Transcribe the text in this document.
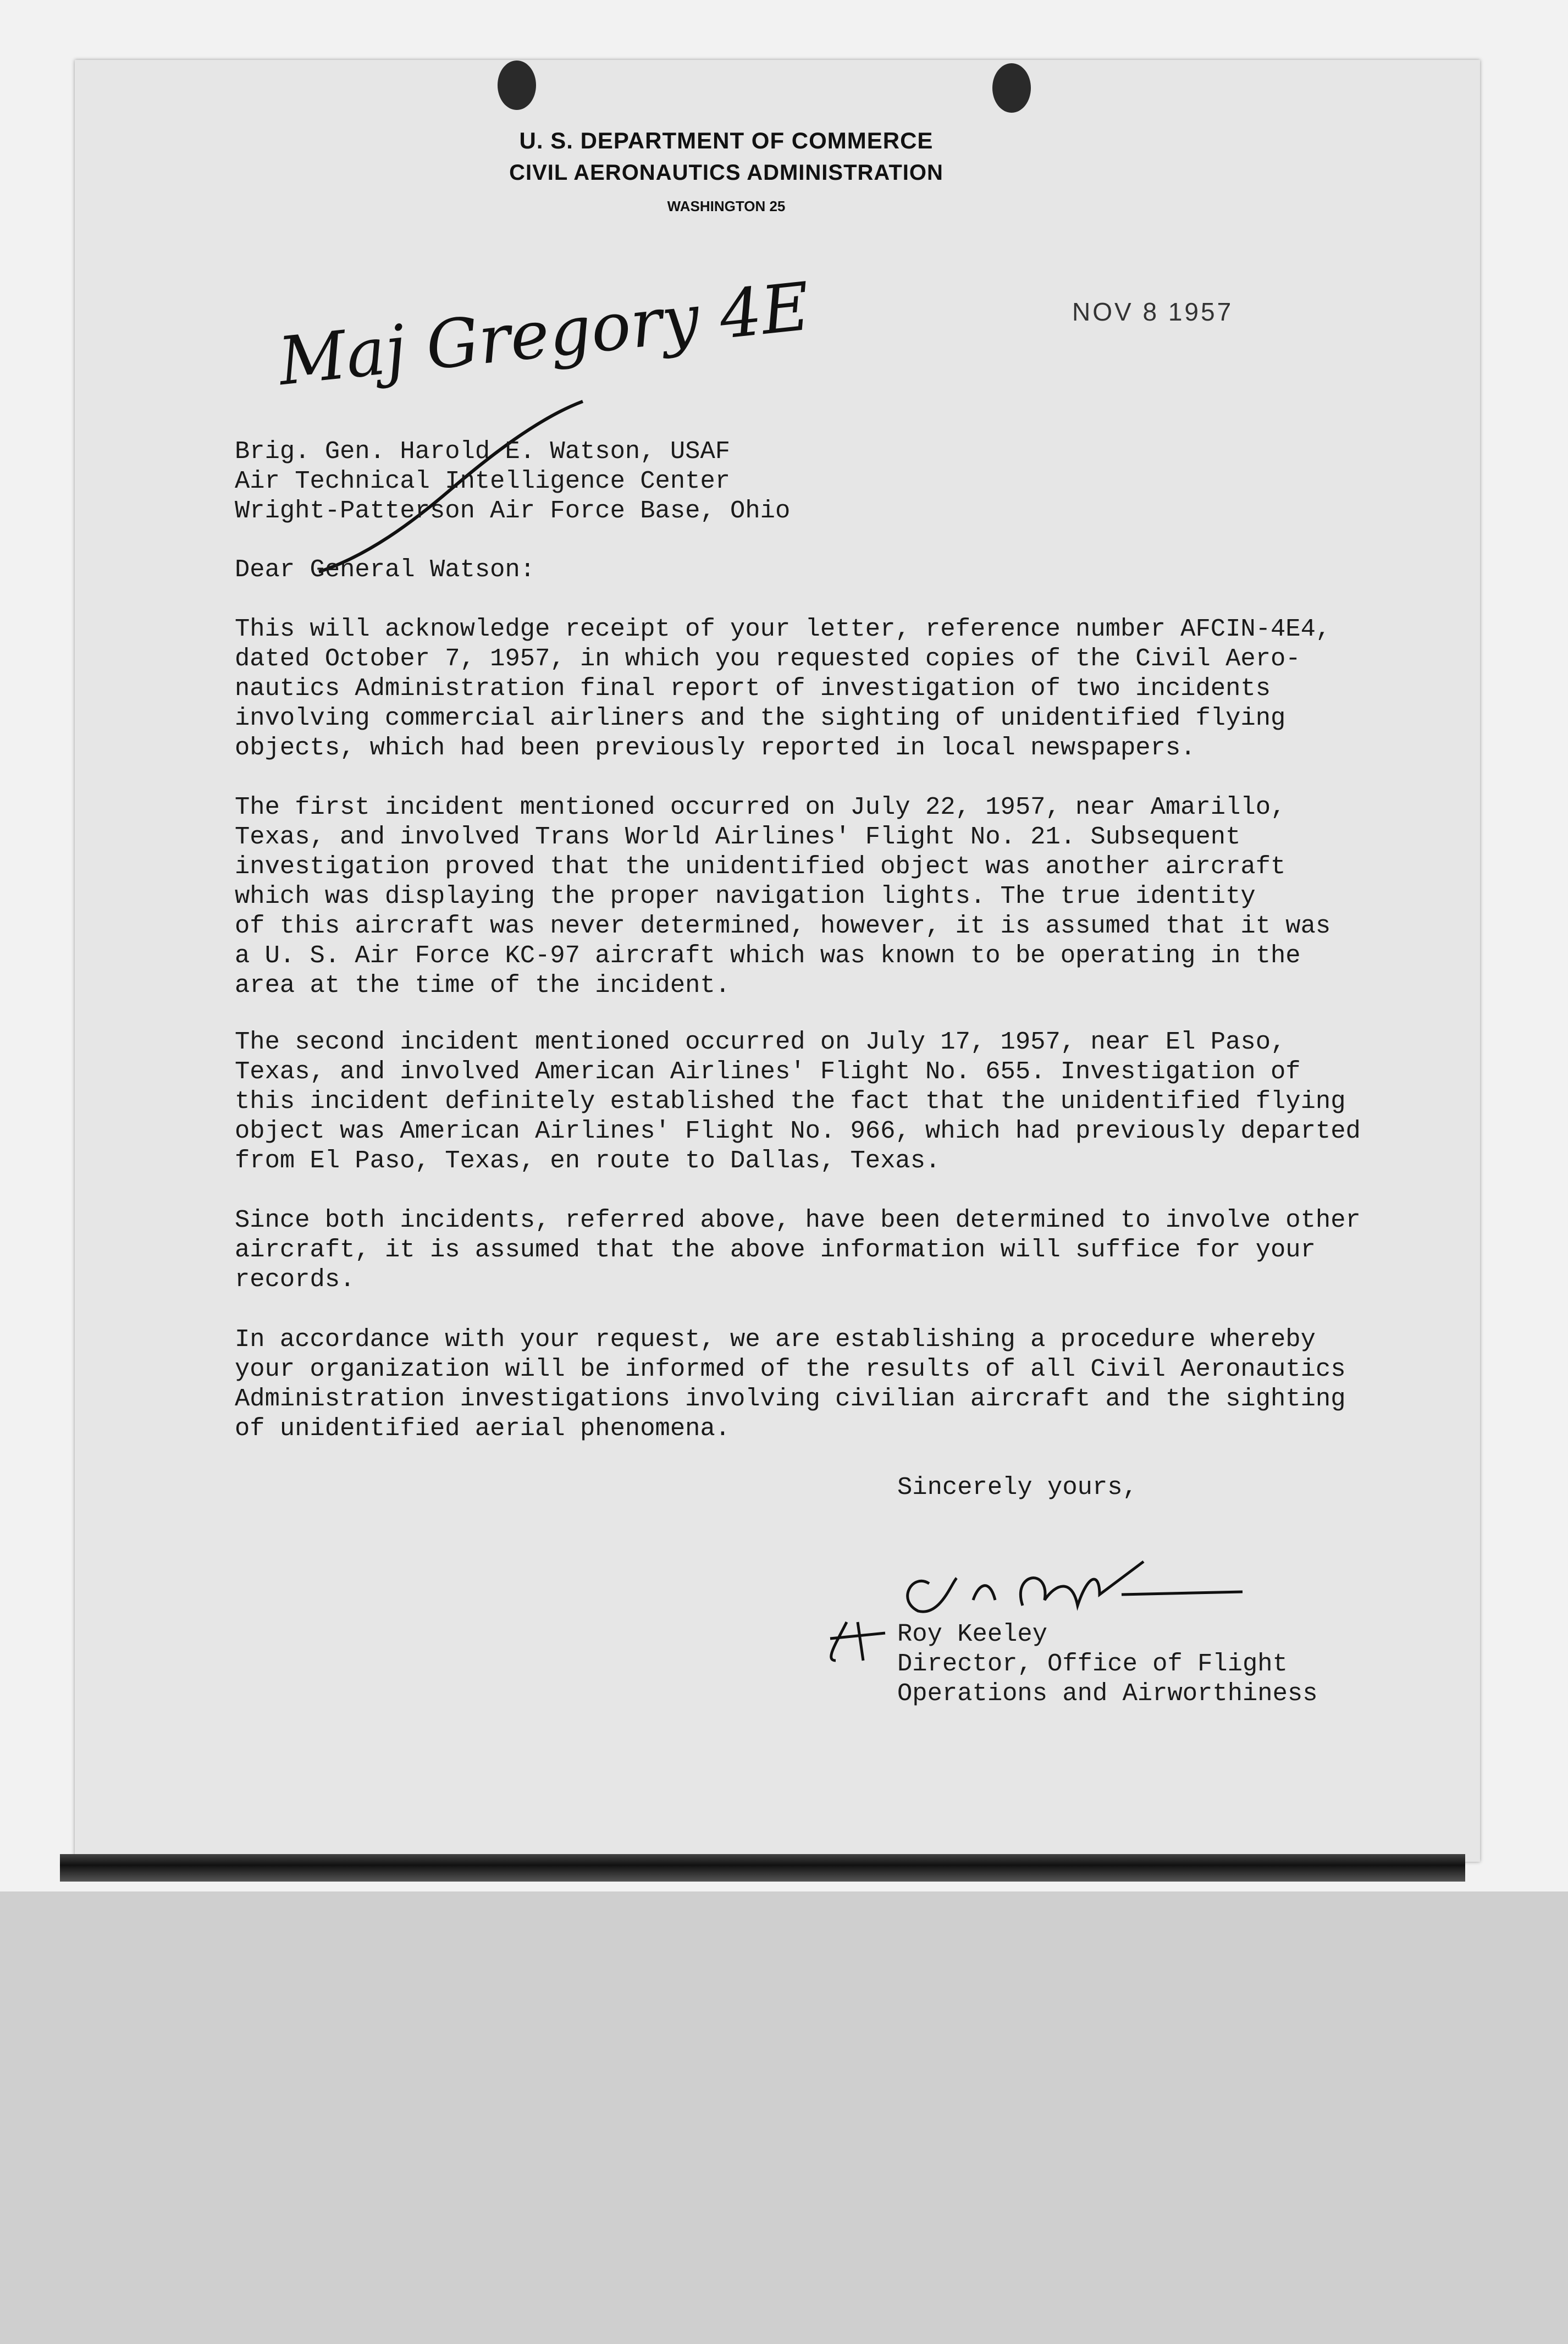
U. S. DEPARTMENT OF COMMERCE
CIVIL AERONAUTICS ADMINISTRATION
WASHINGTON 25
NOV 8 1957
Maj Gregory 4E

Brig. Gen. Harold E. Watson, USAF
Air Technical Intelligence Center
Wright-Patterson Air Force Base, Ohio

Dear General Watson:

This will acknowledge receipt of your letter, reference number AFCIN-4E4,
dated October 7, 1957, in which you requested copies of the Civil Aero-
nautics Administration final report of investigation of two incidents
involving commercial airliners and the sighting of unidentified flying
objects, which had been previously reported in local newspapers.

The first incident mentioned occurred on July 22, 1957, near Amarillo,
Texas, and involved Trans World Airlines' Flight No. 21. Subsequent
investigation proved that the unidentified object was another aircraft
which was displaying the proper navigation lights. The true identity
of this aircraft was never determined, however, it is assumed that it was
a U. S. Air Force KC-97 aircraft which was known to be operating in the
area at the time of the incident.

The second incident mentioned occurred on July 17, 1957, near El Paso,
Texas, and involved American Airlines' Flight No. 655. Investigation of
this incident definitely established the fact that the unidentified flying
object was American Airlines' Flight No. 966, which had previously departed
from El Paso, Texas, en route to Dallas, Texas.

Since both incidents, referred above, have been determined to involve other
aircraft, it is assumed that the above information will suffice for your
records.

In accordance with your request, we are establishing a procedure whereby
your organization will be informed of the results of all Civil Aeronautics
Administration investigations involving civilian aircraft and the sighting
of unidentified aerial phenomena.

Sincerely yours,

Roy Keeley
Director, Office of Flight
Operations and Airworthiness
